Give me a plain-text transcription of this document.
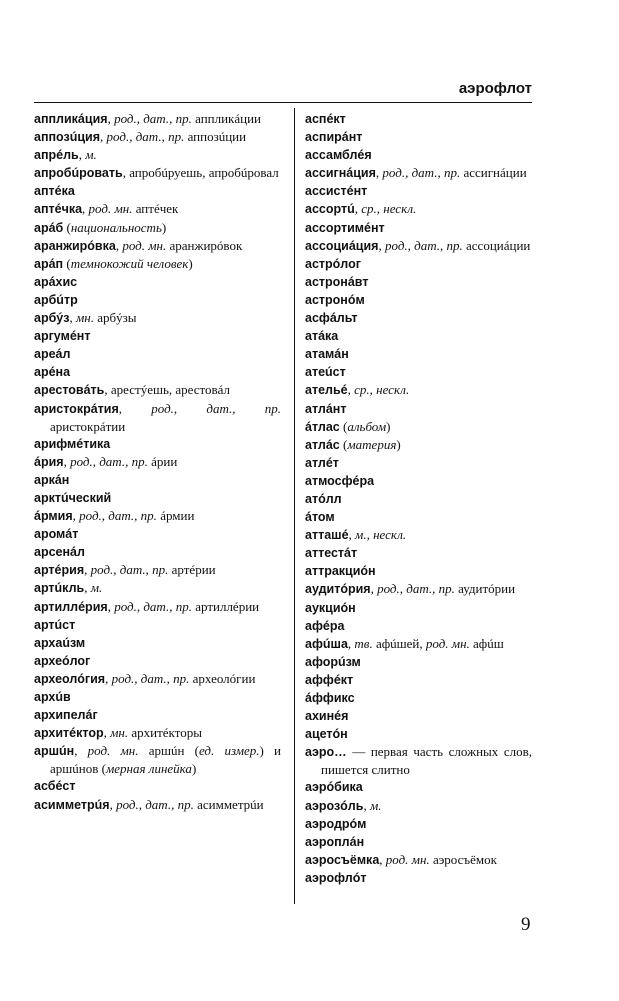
аэрофлот

аппликáция, род., дат., пр. аппликáции

аппозúция, род., дат., пр. аппозúции

апрéль, м.

апробúровать, апробúруешь, апробúровал

аптéка

аптéчка, род. мн. аптéчек

арáб (национальность)

аранжирóвка, род. мн. аранжирóвок

арáп (темнокожий человек)

арáхис

арбúтр

арбýз, мн. арбýзы

аргумéнт

ареáл

арéна

арестовáть, арестýешь, арестовáл

аристокрáтия, род., дат., пр. аристокрáтии

арифмéтика

áрия, род., дат., пр. áрии

аркáн

арктúческий

áрмия, род., дат., пр. áрмии

аромáт

арсенáл

артéрия, род., дат., пр. артéрии

артúкль, м.

артиллéрия, род., дат., пр. артиллéрии

артúст

архаúзм

археóлог

археолóгия, род., дат., пр. археолóгии

архúв

архипелáг

архитéктор, мн. архитéкторы

аршúн, род. мн. аршúн (ед. измер.) и аршúнов (мерная линейка)

асбéст

асимметрúя, род., дат., пр. асимметрúи

аспéкт

аспирáнт

ассамблéя

ассигнáция, род., дат., пр. ассигнáции

ассистéнт

ассортú, ср., нескл.

ассортимéнт

ассоциáция, род., дат., пр. ассоциáции

астрóлог

астронáвт

астронóм

асфáльт

атáка

атамáн

атеúст

ательé, ср., нескл.

атлáнт

áтлас (альбом)

атлáс (материя)

атлéт

атмосфéра

атóлл

áтом

атташé, м., нескл.

аттестáт

аттракциóн

аудитóрия, род., дат., пр. аудитóрии

аукциóн

афéра

афúша, тв. афúшей, род. мн. афúш

афорúзм

аффéкт

áффикс

ахинéя

ацетóн

аэро… — первая часть сложных слов, пишется слитно

аэрóбика

аэрозóль, м.

аэродрóм

аэроплáн

аэросъёмка, род. мн. аэросъёмок

аэрофлóт

9
